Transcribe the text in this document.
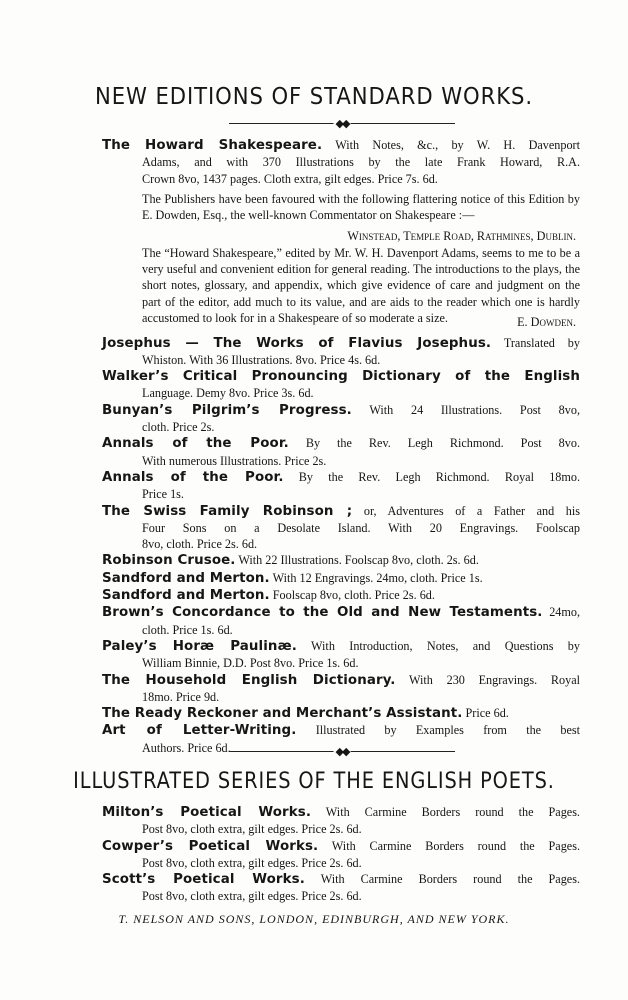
NEW EDITIONS OF STANDARD WORKS.
◆◆
The Howard Shakespeare. With Notes, &c., by W. H. Davenport
Adams, and with 370 Illustrations by the late Frank Howard, R.A.
Crown 8vo, 1437 pages. Cloth extra, gilt edges. Price 7s. 6d.
The Publishers have been favoured with the following flattering notice of this Edition by E. Dowden, Esq., the well-known Commentator on Shakespeare :—
Winstead, Temple Road, Rathmines, Dublin.
The “Howard Shakespeare,” edited by Mr. W. H. Davenport Adams, seems to me to be a very useful and convenient edition for general reading. The introductions to the plays, the short notes, glossary, and appendix, which give evidence of care and judgment on the part of the editor, add much to its value, and are aids to the reader which one is hardly accustomed to look for in a Shakespeare of so moderate a size.	E. Dowden.
Josephus — The Works of Flavius Josephus. Translated by
Whiston. With 36 Illustrations. 8vo. Price 4s. 6d.
Walker’s Critical Pronouncing Dictionary of the English
Language. Demy 8vo. Price 3s. 6d.
Bunyan’s Pilgrim’s Progress. With 24 Illustrations. Post 8vo,
cloth. Price 2s.
Annals of the Poor. By the Rev. Legh Richmond. Post 8vo.
With numerous Illustrations. Price 2s.
Annals of the Poor. By the Rev. Legh Richmond. Royal 18mo.
Price 1s.
The Swiss Family Robinson ; or, Adventures of a Father and his
Four Sons on a Desolate Island. With 20 Engravings. Foolscap
8vo, cloth. Price 2s. 6d.
Robinson Crusoe. With 22 Illustrations. Foolscap 8vo, cloth. 2s. 6d.
Sandford and Merton. With 12 Engravings. 24mo, cloth. Price 1s.
Sandford and Merton. Foolscap 8vo, cloth. Price 2s. 6d.
Brown’s Concordance to the Old and New Testaments. 24mo,
cloth. Price 1s. 6d.
Paley’s Horæ Paulinæ. With Introduction, Notes, and Questions by
William Binnie, D.D. Post 8vo. Price 1s. 6d.
The Household English Dictionary. With 230 Engravings. Royal
18mo. Price 9d.
The Ready Reckoner and Merchant’s Assistant. Price 6d.
Art of Letter-Writing. Illustrated by Examples from the best
Authors. Price 6d.	◆◆
ILLUSTRATED SERIES OF THE ENGLISH POETS.
Milton’s Poetical Works. With Carmine Borders round the Pages.
Post 8vo, cloth extra, gilt edges. Price 2s. 6d.
Cowper’s Poetical Works. With Carmine Borders round the Pages.
Post 8vo, cloth extra, gilt edges. Price 2s. 6d.
Scott’s Poetical Works. With Carmine Borders round the Pages.
Post 8vo, cloth extra, gilt edges. Price 2s. 6d.
T. NELSON AND SONS, LONDON, EDINBURGH, AND NEW YORK.
